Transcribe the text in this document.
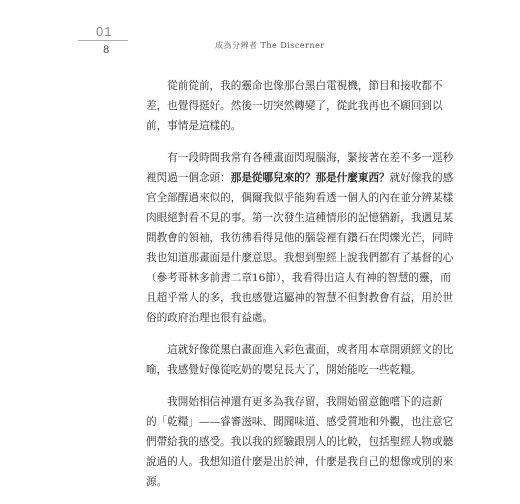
01
8	成為分辨者 The Discerner

　　從前從前，我的靈命也像那台黑白電視機，節目和接收都不
差，也覺得挺好。然後一切突然轉變了，從此我再也不願回到以
前，事情是這樣的。

　　有一段時間我常有各種畫面閃現腦海，緊接著在差不多一逕秒
裡閃過一個念頭：那是從哪兒來的？那是什麼東西？就好像我的感
官全部醒過來似的，偶爾我似乎能夠看透一個人的內在並分辨某樣
肉眼絕對看不見的事。第一次發生這種情形的記憶猶新，我遇見某
間教會的領袖，我彷彿看得見他的腦袋裡有鑽石在閃爍光芒，同時
我也知道那畫面是什麼意思。我想到聖經上說我們都有了基督的心
（參考哥林多前書二章16節），我看得出這人有神的智慧的靈，而
且超乎常人的多，我也感覺這屬神的智慧不但對教會有益，用於世
俗的政府治理也很有益處。

　　這就好像從黑白畫面進入彩色畫面，或者用本章開頭經文的比
喻，我感覺好像從吃奶的嬰兒長大了，開始能吃一些乾糧。

　　我開始相信神還有更多為我存留，我開始留意飽嚐下的這新
的「乾糧」——睿審滋味、聞聞味道、感受質地和外觀，也注意它
們帶給我的感受。我以我的經驗跟別人的比較，包括聖經人物或聽
說過的人。我想知道什麼是出於神，什麼是我自己的想像或別的來
源。
